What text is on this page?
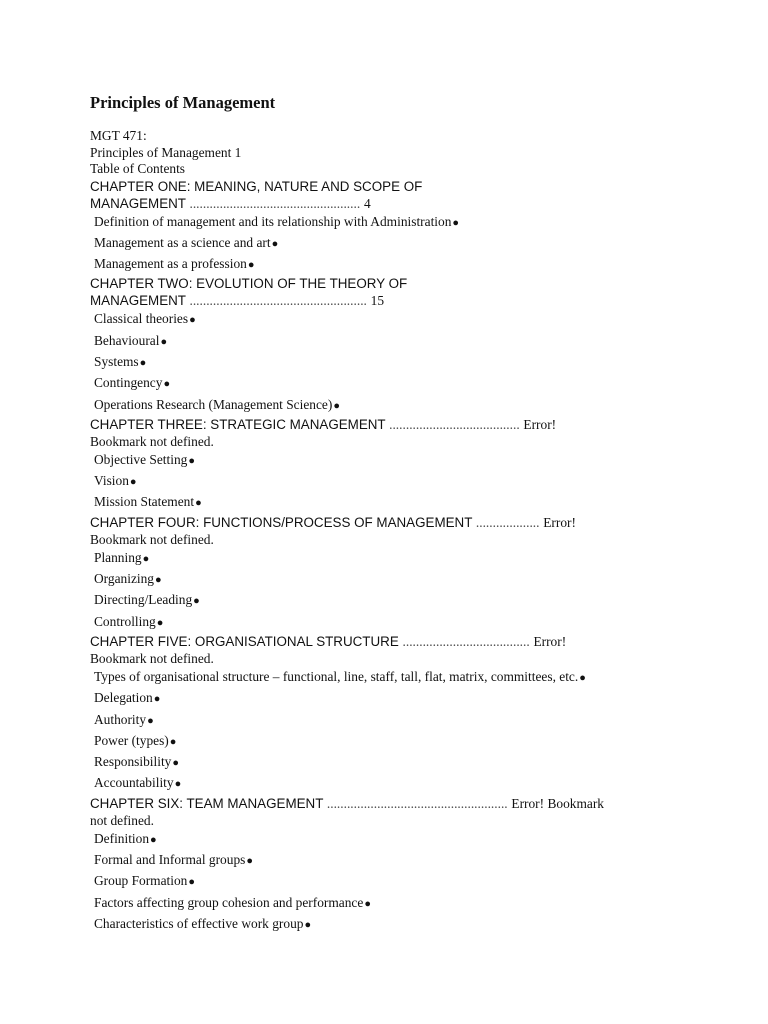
Principles of Management
MGT 471:
Principles of Management 1
Table of Contents
CHAPTER ONE: MEANING, NATURE AND SCOPE OF
MANAGEMENT ................................................... 4
Definition of management and its relationship with Administration●
Management as a science and art●
Management as a profession●
CHAPTER TWO: EVOLUTION OF THE THEORY OF
MANAGEMENT ..................................................... 15
Classical theories●
Behavioural●
Systems●
Contingency●
Operations Research (Management Science)●
CHAPTER THREE: STRATEGIC MANAGEMENT ....................................... Error!
Bookmark not defined.
Objective Setting●
Vision●
Mission Statement●
CHAPTER FOUR: FUNCTIONS/PROCESS OF MANAGEMENT ................... Error!
Bookmark not defined.
Planning●
Organizing●
Directing/Leading●
Controlling●
CHAPTER FIVE: ORGANISATIONAL STRUCTURE ...................................... Error!
Bookmark not defined.
Types of organisational structure – functional, line, staff, tall, flat, matrix, committees, etc.●
Delegation●
Authority●
Power (types)●
Responsibility●
Accountability●
CHAPTER SIX: TEAM MANAGEMENT ...................................................... Error! Bookmark
not defined.
Definition●
Formal and Informal groups●
Group Formation●
Factors affecting group cohesion and performance●
Characteristics of effective work group●
